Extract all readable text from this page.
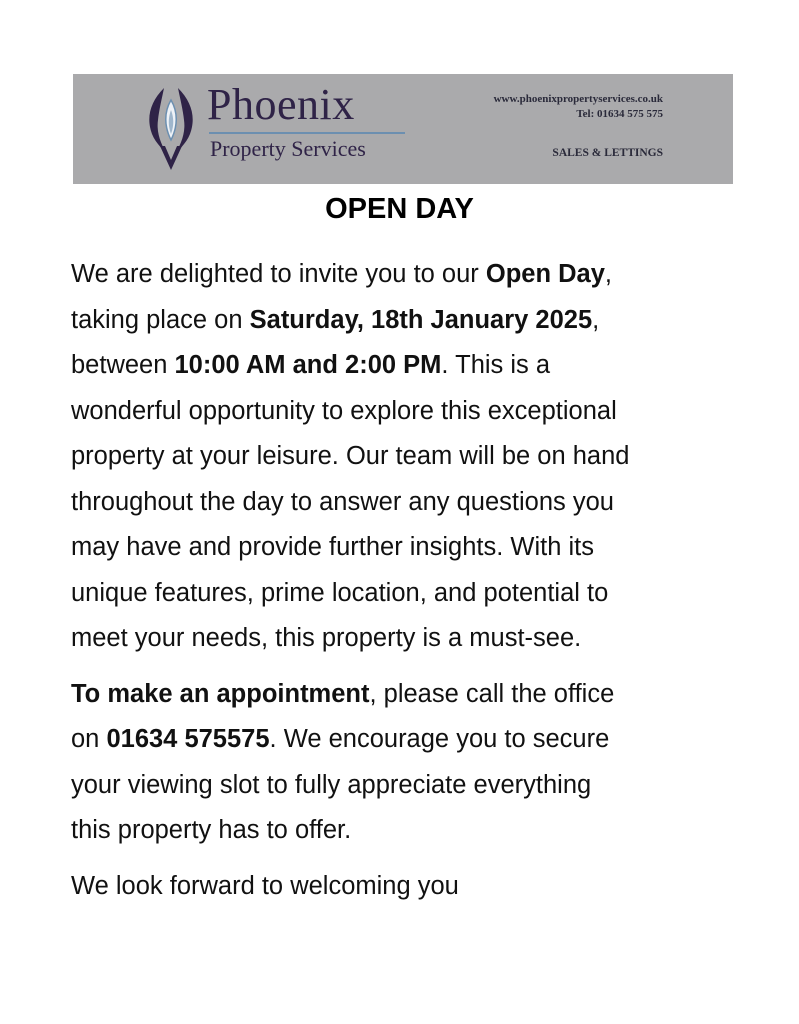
Phoenix
Property Services
www.phoenixpropertyservices.co.uk
Tel: 01634 575 575
SALES & LETTINGS
OPEN DAY

We are delighted to invite you to our Open Day,
taking place on Saturday, 18th January 2025,
between 10:00 AM and 2:00 PM. This is a
wonderful opportunity to explore this exceptional
property at your leisure. Our team will be on hand
throughout the day to answer any questions you
may have and provide further insights. With its
unique features, prime location, and potential to
meet your needs, this property is a must-see.

To make an appointment, please call the office
on 01634 575575. We encourage you to secure
your viewing slot to fully appreciate everything
this property has to offer.

We look forward to welcoming you
